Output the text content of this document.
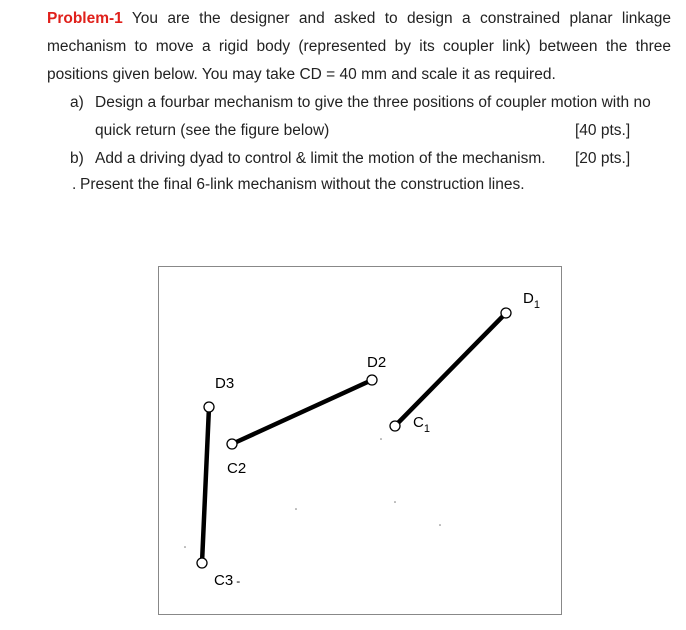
Problem-1 You are the designer and asked to design a constrained planar linkage
mechanism to move a rigid body (represented by its coupler link) between the three
positions given below. You may take CD = 40 mm and scale it as required.
a) Design a fourbar mechanism to give the three positions of coupler motion with no
quick return (see the figure below)	[40 pts.]
b) Add a driving dyad to control & limit the motion of the mechanism. [20 pts.]
. Present the final 6-link mechanism without the construction lines.
$D_1$
D2
D3
$C_1$
C2
C3 -
